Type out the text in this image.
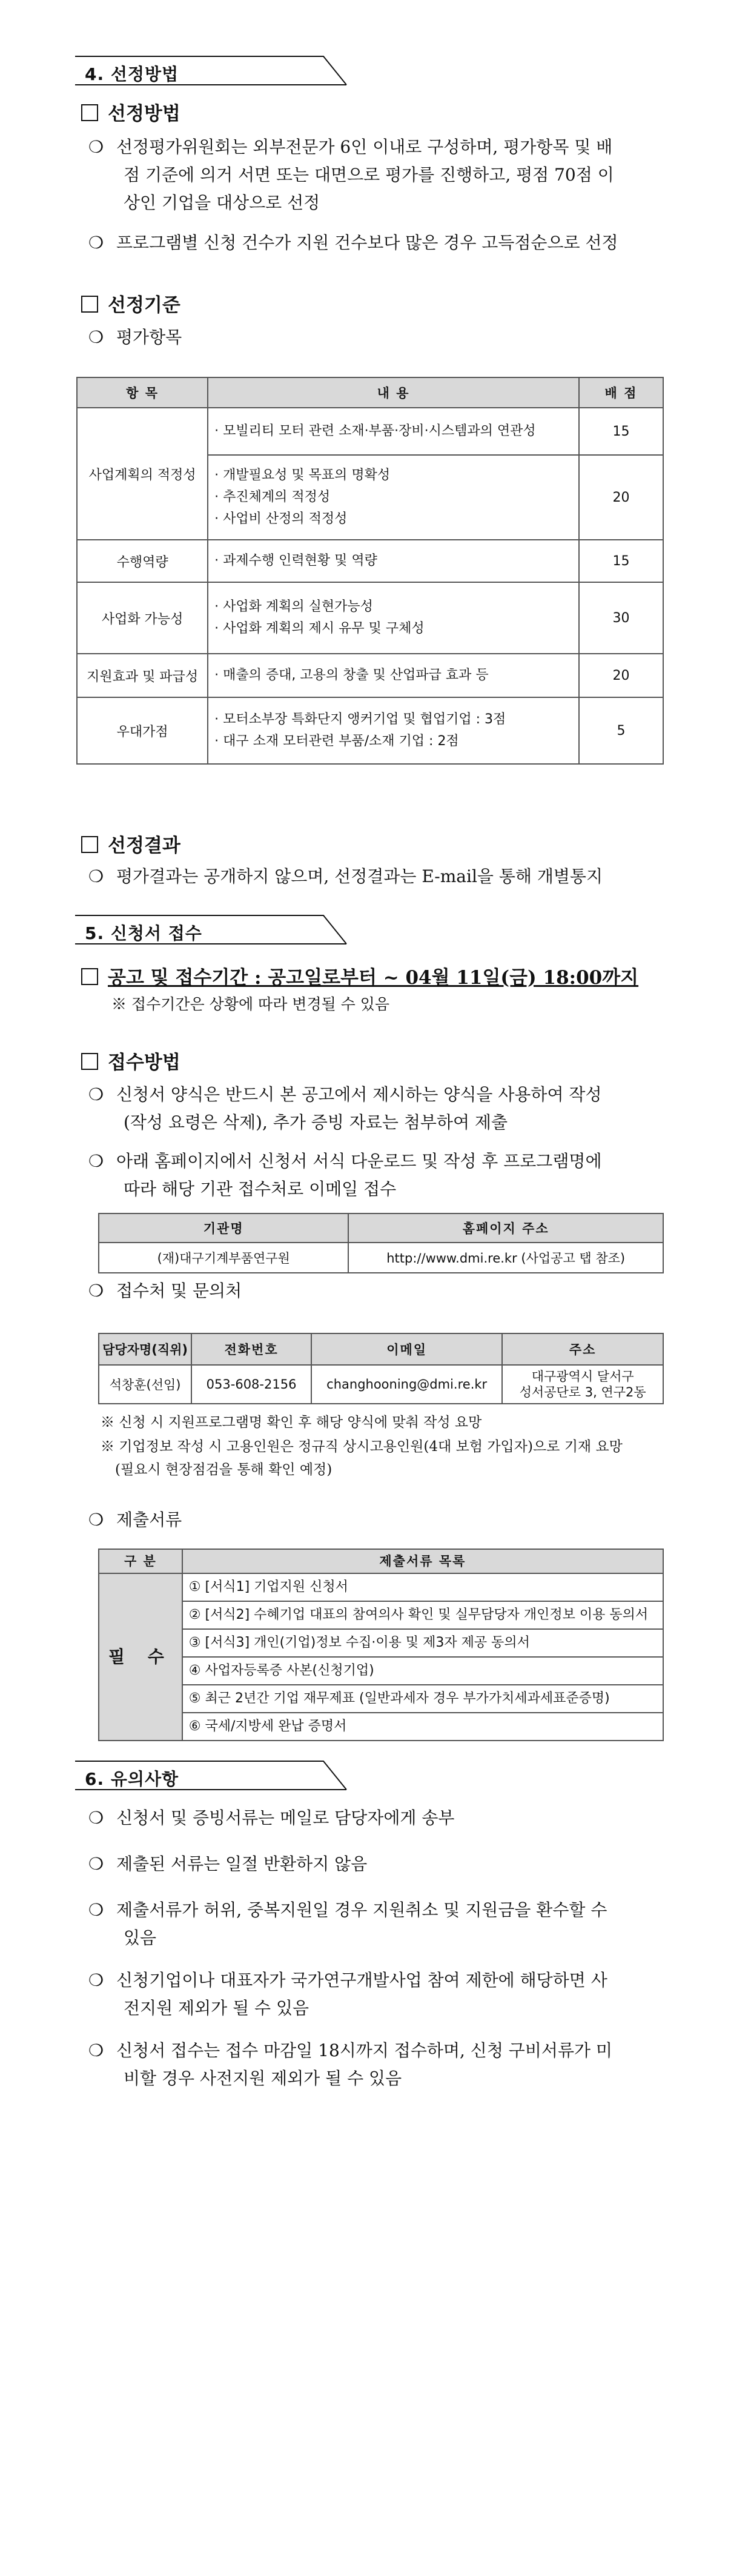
4. 선정방법
선정방법
❍ 선정평가위원회는 외부전문가 6인 이내로 구성하며, 평가항목 및 배
점 기준에 의거 서면 또는 대면으로 평가를 진행하고, 평점 70점 이
상인 기업을 대상으로 선정
❍ 프로그램별 신청 건수가 지원 건수보다 많은 경우 고득점순으로 선정
선정기준
❍ 평가항목
항 목	내 용	배 점
사업계획의 적정성	· 모빌리티 모터 관련 소재·부품·장비·시스템과의 연관성	15

	· 개발필요성 및 목표의 명확성
· 추진체계의 적정성
· 사업비 산정의 적정성	20
수행역량	· 과제수행 인력현황 및 역량	15
사업화 가능성	· 사업화 계획의 실현가능성
· 사업화 계획의 제시 유무 및 구체성	30
지원효과 및 파급성	· 매출의 증대, 고용의 창출 및 산업파급 효과 등	20
우대가점	· 모터소부장 특화단지 앵커기업 및 협업기업 : 3점
· 대구 소재 모터관련 부품/소재 기업 : 2점	5
선정결과
❍ 평가결과는 공개하지 않으며, 선정결과는 E-mail을 통해 개별통지
5. 신청서 접수
공고 및 접수기간 : 공고일로부터 ~ 04월 11일(금) 18:00까지
※ 접수기간은 상황에 따라 변경될 수 있음
접수방법
❍ 신청서 양식은 반드시 본 공고에서 제시하는 양식을 사용하여 작성
(작성 요령은 삭제), 추가 증빙 자료는 첨부하여 제출
❍ 아래 홈페이지에서 신청서 서식 다운로드 및 작성 후 프로그램명에
따라 해당 기관 접수처로 이메일 접수
기관명	홈페이지 주소
(재)대구기계부품연구원	http://www.dmi.re.kr (사업공고 탭 참조)
❍ 접수처 및 문의처
담당자명(직위)	전화번호	이메일	주소
석창훈(선임)	053-608-2156	changhooning@dmi.re.kr	대구광역시 달서구
성서공단로 3, 연구2동
※ 신청 시 지원프로그램명 확인 후 해당 양식에 맞춰 작성 요망
※ 기업정보 작성 시 고용인원은 정규직 상시고용인원(4대 보험 가입자)으로 기재 요망
(필요시 현장점검을 통해 확인 예정)
❍ 제출서류
구 분	제출서류 목록
필 수	① [서식1] 기업지원 신청서
	② [서식2] 수혜기업 대표의 참여의사 확인 및 실무담당자 개인정보 이용 동의서
	③ [서식3] 개인(기업)정보 수집·이용 및 제3자 제공 동의서
	④ 사업자등록증 사본(신청기업)
	⑤ 최근 2년간 기업 재무제표 (일반과세자 경우 부가가치세과세표준증명)
	⑥ 국세/지방세 완납 증명서
6. 유의사항
❍ 신청서 및 증빙서류는 메일로 담당자에게 송부
❍ 제출된 서류는 일절 반환하지 않음
❍ 제출서류가 허위, 중복지원일 경우 지원취소 및 지원금을 환수할 수
있음
❍ 신청기업이나 대표자가 국가연구개발사업 참여 제한에 해당하면 사
전지원 제외가 될 수 있음
❍ 신청서 접수는 접수 마감일 18시까지 접수하며, 신청 구비서류가 미
비할 경우 사전지원 제외가 될 수 있음
